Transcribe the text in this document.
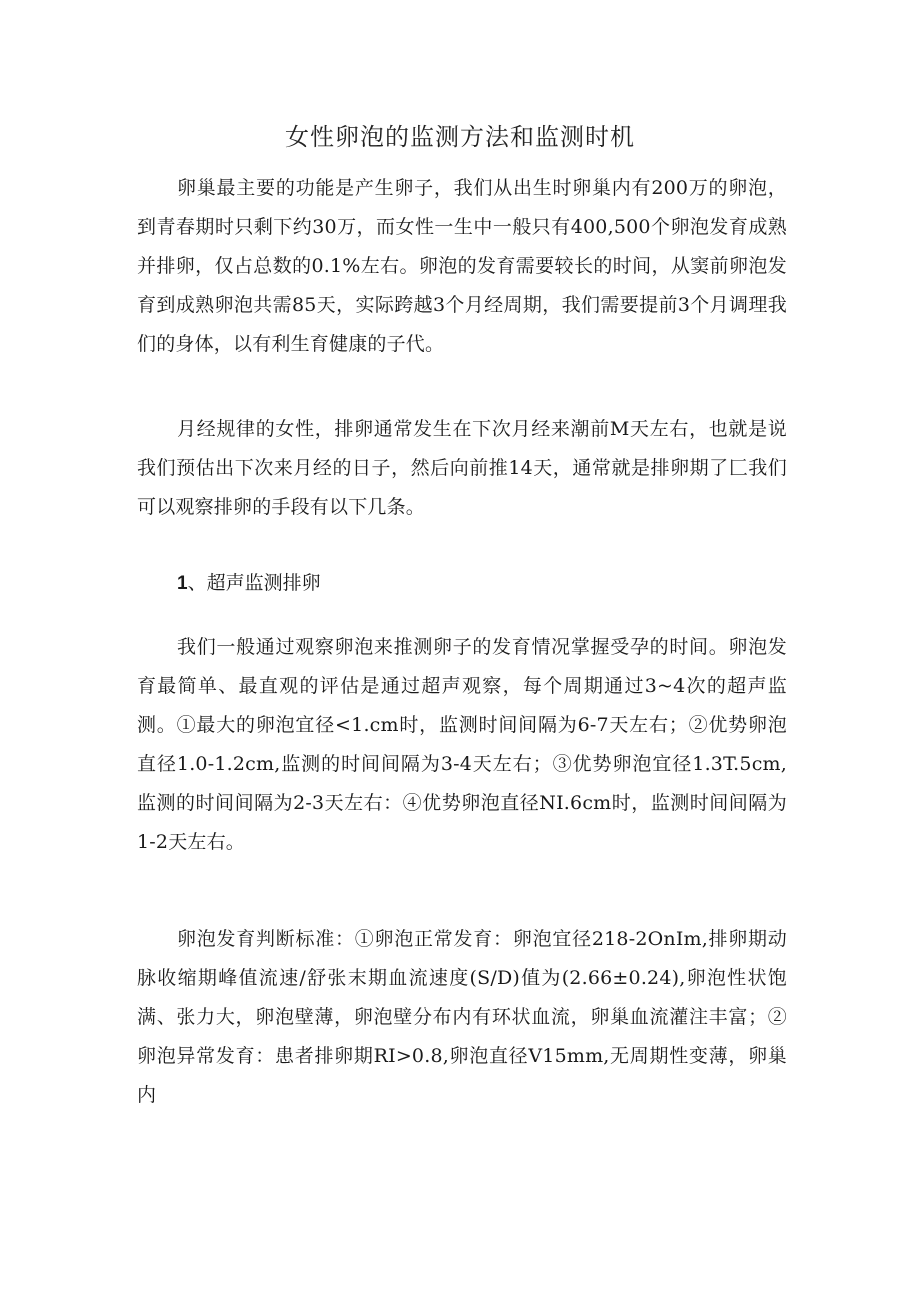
女性卵泡的监测方法和监测时机

卵巢最主要的功能是产生卵子，我们从出生时卵巢内有200万的卵泡，到青春期时只剩下约30万，而女性一生中一般只有400,500个卵泡发育成熟并排卵，仅占总数的0.1%左右。卵泡的发育需要较长的时间，从窦前卵泡发育到成熟卵泡共需85天，实际跨越3个月经周期，我们需要提前3个月调理我们的身体，以有利生育健康的子代。

月经规律的女性，排卵通常发生在下次月经来潮前M天左右，也就是说我们预估出下次来月经的日子，然后向前推14天，通常就是排卵期了匚我们可以观察排卵的手段有以下几条。

1、超声监测排卵

我们一般通过观察卵泡来推测卵子的发育情况掌握受孕的时间。卵泡发育最简单、最直观的评估是通过超声观察，每个周期通过3~4次的超声监测。①最大的卵泡宜径<1.cm时，监测时间间隔为6-7天左右；②优势卵泡直径1.0-1.2cm,监测的时间间隔为3-4天左右；③优势卵泡宜径1.3T.5cm,监测的时间间隔为2-3天左右：④优势卵泡直径NI.6cm时，监测时间间隔为1-2天左右。

卵泡发育判断标准：①卵泡正常发育：卵泡宜径218-2OnIm,排卵期动脉收缩期峰值流速/舒张末期血流速度(S/D)值为(2.66±0.24),卵泡性状饱满、张力大，卵泡壁薄，卵泡壁分布内有环状血流，卵巢血流灌注丰富；②卵泡异常发育：患者排卵期RI>0.8,卵泡直径V15mm,无周期性变薄，卵巢内
